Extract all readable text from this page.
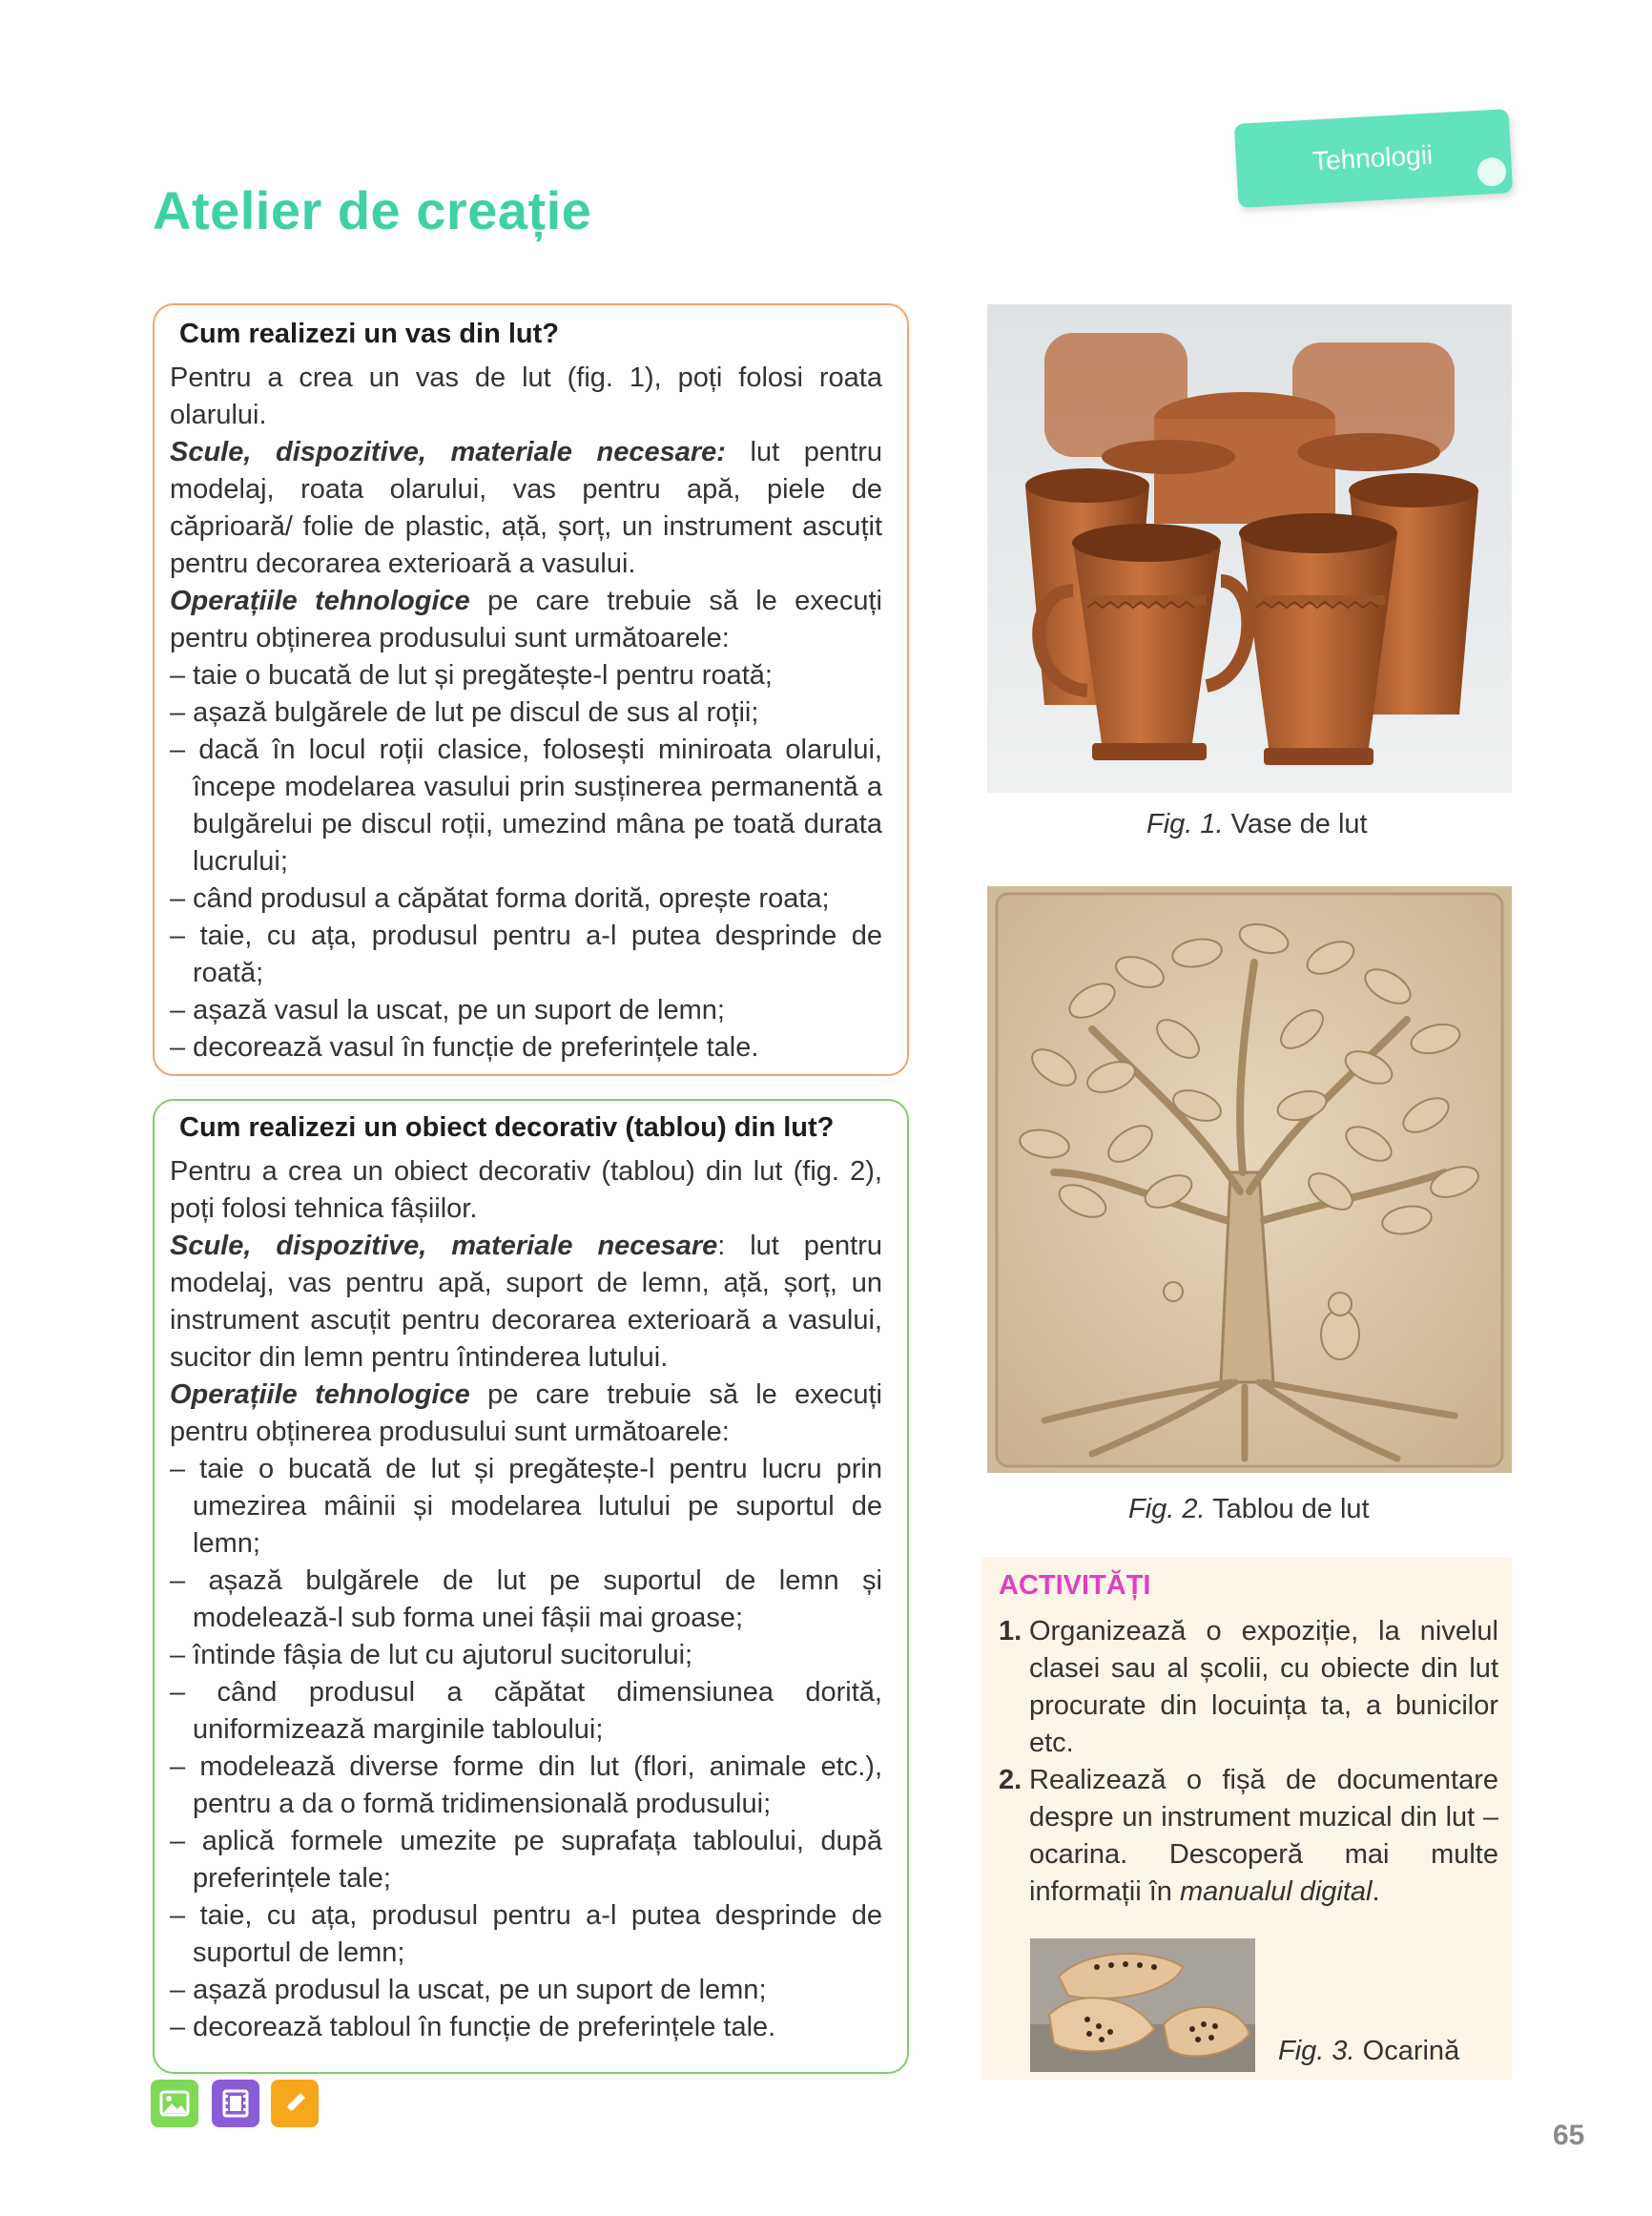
Atelier de creație
Tehnologii
Cum realizezi un vas din lut?

Pentru a crea un vas de lut (fig. 1), poți folosi roata olarului.

Scule, dispozitive, materiale necesare: lut pentru modelaj, roata olarului, vas pentru apă, piele de căprioară/ folie de plastic, ață, șorț, un instrument ascuțit pentru decorarea exterioară a vasului.

Operațiile tehnologice pe care trebuie să le execuți pentru obținerea produsului sunt următoarele:

– taie o bucată de lut și pregătește-l pentru roată;
– așază bulgărele de lut pe discul de sus al roții;
– dacă în locul roții clasice, folosești miniroata olarului, începe modelarea vasului prin susținerea permanentă a bulgărelui pe discul roții, umezind mâna pe toată durata lucrului;
– când produsul a căpătat forma dorită, oprește roata;
– taie, cu ața, produsul pentru a-l putea desprinde de roată;
– așază vasul la uscat, pe un suport de lemn;
– decorează vasul în funcție de preferințele tale.
Cum realizezi un obiect decorativ (tablou) din lut?

Pentru a crea un obiect decorativ (tablou) din lut (fig. 2), poți folosi tehnica fâșiilor.

Scule, dispozitive, materiale necesare: lut pentru modelaj, vas pentru apă, suport de lemn, ață, șorț, un instrument ascuțit pentru decorarea exterioară a vasului, sucitor din lemn pentru întinderea lutului.

Operațiile tehnologice pe care trebuie să le execuți pentru obținerea produsului sunt următoarele:

– taie o bucată de lut și pregătește-l pentru lucru prin umezirea mâinii și modelarea lutului pe suportul de lemn;
– așază bulgărele de lut pe suportul de lemn și modelează-l sub forma unei fâșii mai groase;
– întinde fâșia de lut cu ajutorul sucitorului;
– când produsul a căpătat dimensiunea dorită, uniformizează marginile tabloului;
– modelează diverse forme din lut (flori, animale etc.), pentru a da o formă tridimensională produsului;
– aplică formele umezite pe suprafața tabloului, după preferințele tale;
– taie, cu ața, produsul pentru a-l putea desprinde de suportul de lemn;
– așază produsul la uscat, pe un suport de lemn;
– decorează tabloul în funcție de preferințele tale.
Fig. 1. Vase de lut
Fig. 2. Tablou de lut
ACTIVITĂȚI

1. Organizează o expoziție, la nivelul clasei sau al școlii, cu obiecte din lut procurate din locuința ta, a bunicilor etc.

2. Realizează o fișă de documentare despre un instrument muzical din lut – ocarina. Descoperă mai multe informații în manualul digital.

Fig. 3. Ocarină
65
